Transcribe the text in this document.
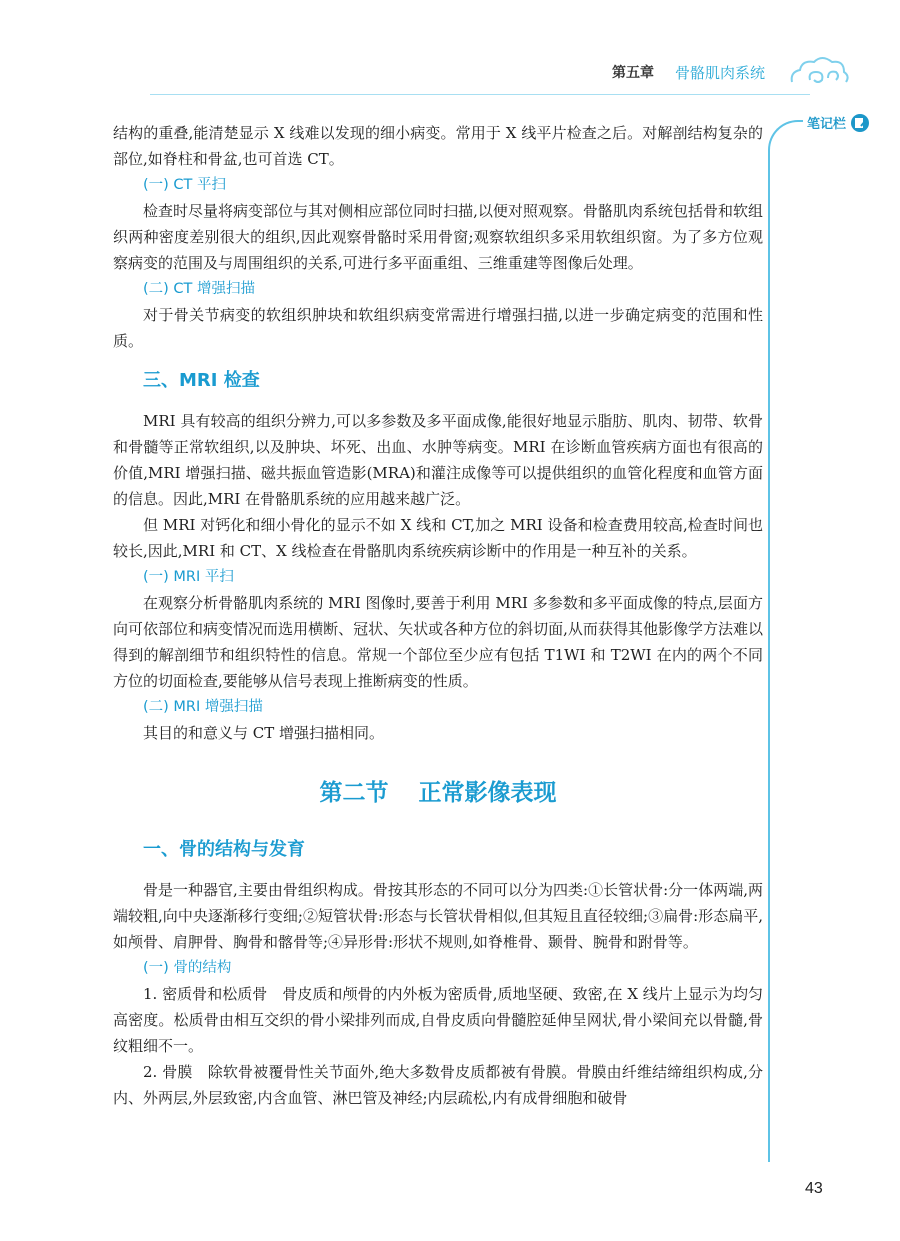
第五章 骨骼肌肉系统
笔记栏

结构的重叠,能清楚显示 X 线难以发现的细小病变。常用于 X 线平片检查之后。对解剖结构复杂的部位,如脊柱和骨盆,也可首选 CT。

(一) CT 平扫

检查时尽量将病变部位与其对侧相应部位同时扫描,以便对照观察。骨骼肌肉系统包括骨和软组织两种密度差别很大的组织,因此观察骨骼时采用骨窗;观察软组织多采用软组织窗。为了多方位观察病变的范围及与周围组织的关系,可进行多平面重组、三维重建等图像后处理。

(二) CT 增强扫描

对于骨关节病变的软组织肿块和软组织病变常需进行增强扫描,以进一步确定病变的范围和性质。

三、MRI 检查

MRI 具有较高的组织分辨力,可以多参数及多平面成像,能很好地显示脂肪、肌肉、韧带、软骨和骨髓等正常软组织,以及肿块、坏死、出血、水肿等病变。MRI 在诊断血管疾病方面也有很高的价值,MRI 增强扫描、磁共振血管造影(MRA)和灌注成像等可以提供组织的血管化程度和血管方面的信息。因此,MRI 在骨骼肌系统的应用越来越广泛。

但 MRI 对钙化和细小骨化的显示不如 X 线和 CT,加之 MRI 设备和检查费用较高,检查时间也较长,因此,MRI 和 CT、X 线检查在骨骼肌肉系统疾病诊断中的作用是一种互补的关系。

(一) MRI 平扫

在观察分析骨骼肌肉系统的 MRI 图像时,要善于利用 MRI 多参数和多平面成像的特点,层面方向可依部位和病变情况而选用横断、冠状、矢状或各种方位的斜切面,从而获得其他影像学方法难以得到的解剖细节和组织特性的信息。常规一个部位至少应有包括 T1WI 和 T2WI 在内的两个不同方位的切面检查,要能够从信号表现上推断病变的性质。

(二) MRI 增强扫描

其目的和意义与 CT 增强扫描相同。

第二节 正常影像表现
一、骨的结构与发育

骨是一种器官,主要由骨组织构成。骨按其形态的不同可以分为四类:①长管状骨:分一体两端,两端较粗,向中央逐渐移行变细;②短管状骨:形态与长管状骨相似,但其短且直径较细;③扁骨:形态扁平,如颅骨、肩胛骨、胸骨和髂骨等;④异形骨:形状不规则,如脊椎骨、颞骨、腕骨和跗骨等。

(一) 骨的结构

1. 密质骨和松质骨　骨皮质和颅骨的内外板为密质骨,质地坚硬、致密,在 X 线片上显示为均匀高密度。松质骨由相互交织的骨小梁排列而成,自骨皮质向骨髓腔延伸呈网状,骨小梁间充以骨髓,骨纹粗细不一。

2. 骨膜　除软骨被覆骨性关节面外,绝大多数骨皮质都被有骨膜。骨膜由纤维结缔组织构成,分内、外两层,外层致密,内含血管、淋巴管及神经;内层疏松,内有成骨细胞和破骨

43
